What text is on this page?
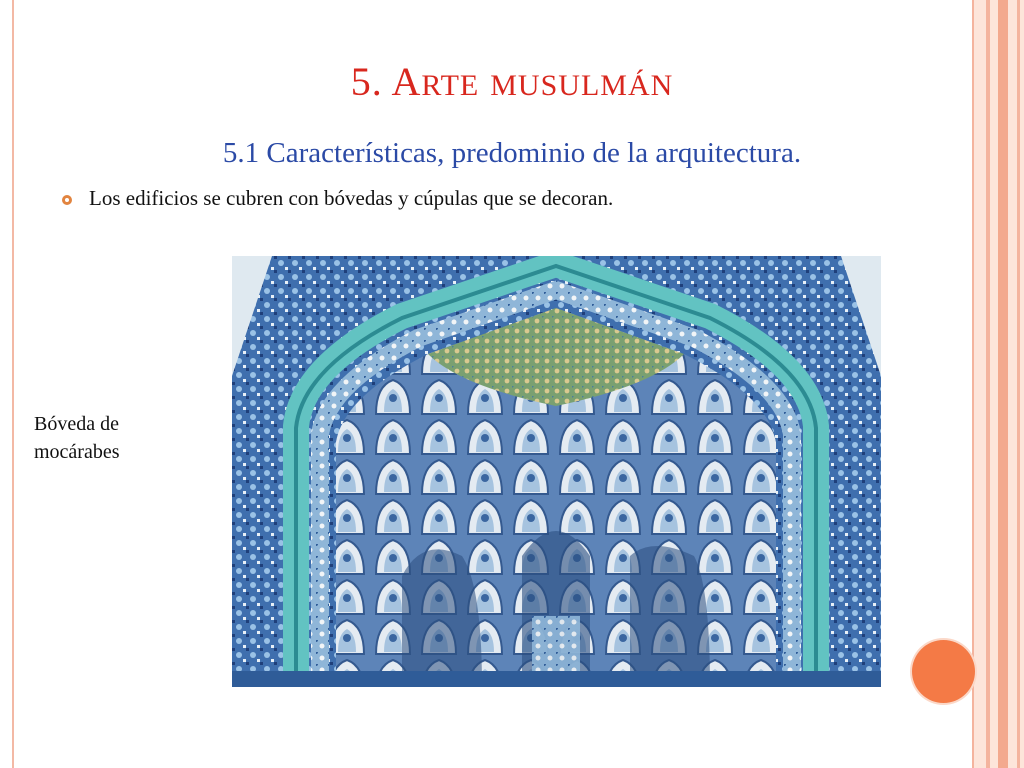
5. ARTE MUSULMÁN
5.1 Características, predominio de la arquitectura.
Los edificios se cubren con bóvedas y cúpulas que se decoran.
Bóveda de
mocárabes
